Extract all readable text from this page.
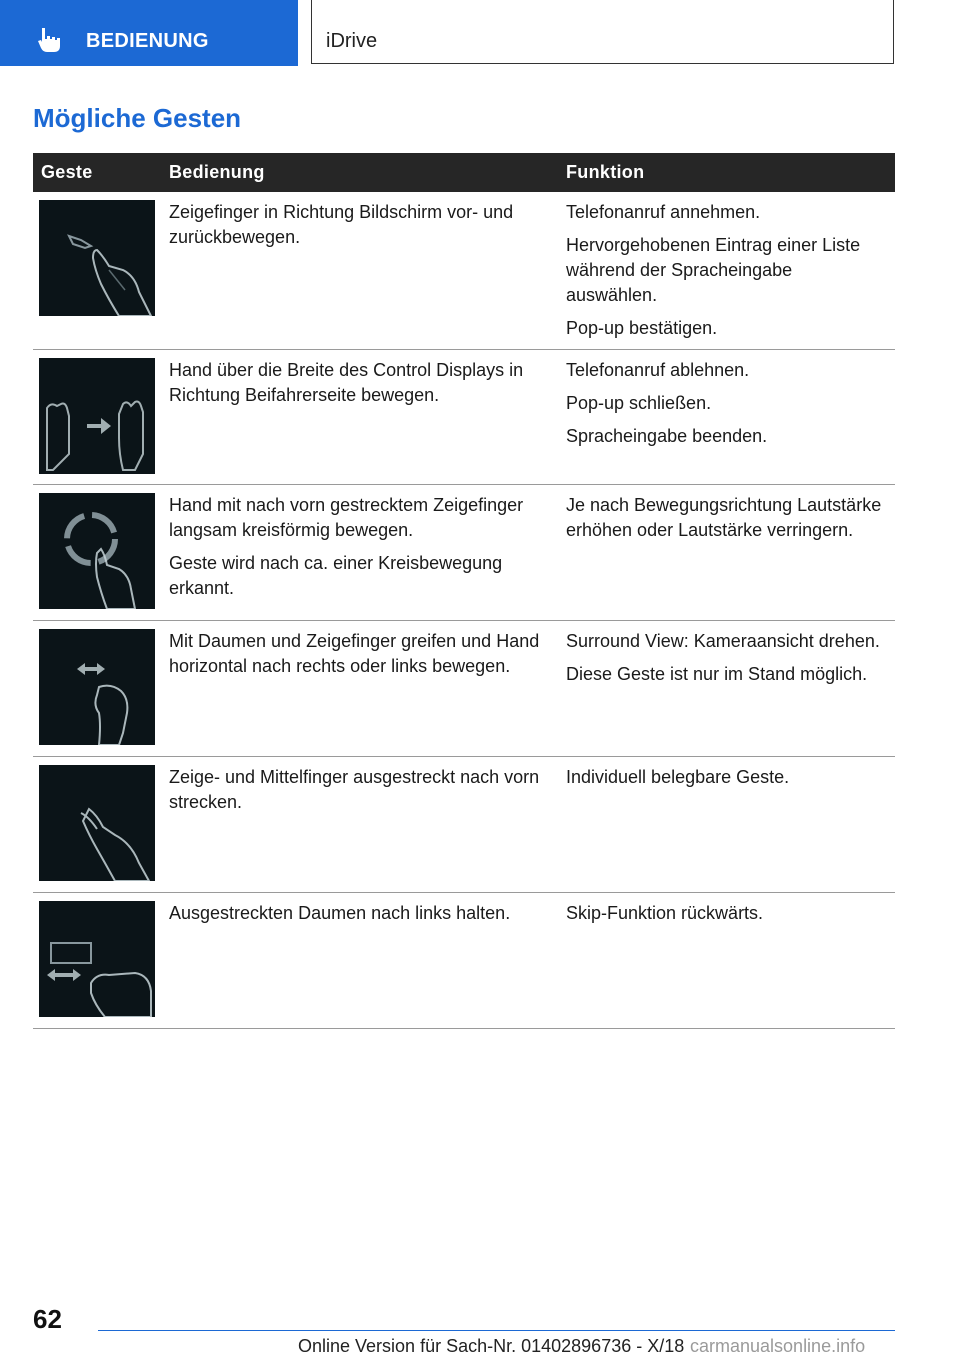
BEDIENUNG	iDrive
Mögliche Gesten
Geste	Bedienung	Funktion

Zeigefinger in Richtung Bildschirm vor- und zurückbewegen.	Telefonanruf annehmen.

Hervorgehobenen Eintrag einer Liste während der Spracheingabe auswählen.

Pop-up bestätigen.

Hand über die Breite des Control Displays in Richtung Beifahrerseite bewegen.	Telefonanruf ablehnen.

Pop-up schließen.

Spracheingabe beenden.

Hand mit nach vorn gestrecktem Zeigefinger langsam kreisförmig bewegen.

Geste wird nach ca. einer Kreisbewegung erkannt.	Je nach Bewegungsrichtung Lautstärke erhöhen oder Lautstärke verringern.

Mit Daumen und Zeigefinger greifen und Hand horizontal nach rechts oder links bewegen.	Surround View: Kameraansicht drehen.

Diese Geste ist nur im Stand möglich.

Zeige- und Mittelfinger ausgestreckt nach vorn strecken.	Individuell belegbare Geste.

Ausgestreckten Daumen nach links halten.	Skip-Funktion rückwärts.

62
Online Version für Sach-Nr. 01402896736 - X/18 carmanualsonline.info
